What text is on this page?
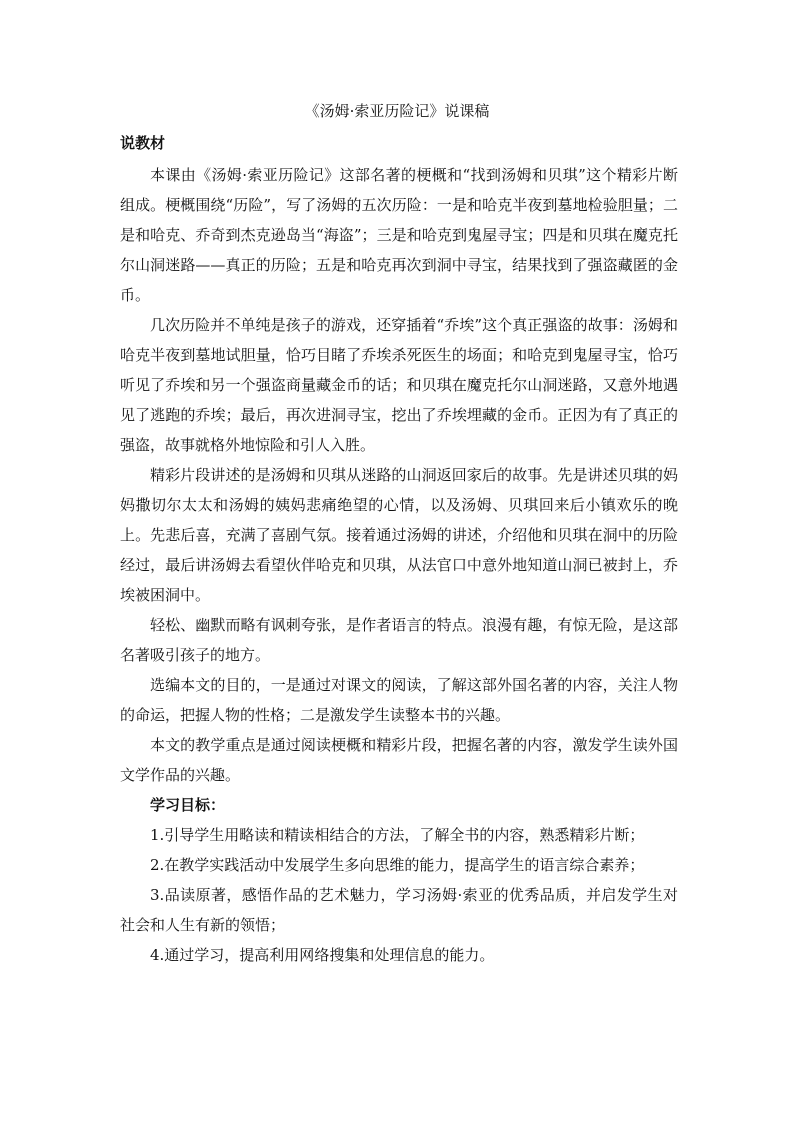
《汤姆·索亚历险记》说课稿
说教材

本课由《汤姆·索亚历险记》这部名著的梗概和“找到汤姆和贝琪”这个精彩片断组成。梗概围绕“历险”，写了汤姆的五次历险：一是和哈克半夜到墓地检验胆量；二是和哈克、乔奇到杰克逊岛当“海盗”；三是和哈克到鬼屋寻宝；四是和贝琪在魔克托尔山洞迷路——真正的历险；五是和哈克再次到洞中寻宝，结果找到了强盗藏匿的金币。

几次历险并不单纯是孩子的游戏，还穿插着“乔埃”这个真正强盗的故事：汤姆和哈克半夜到墓地试胆量，恰巧目睹了乔埃杀死医生的场面；和哈克到鬼屋寻宝，恰巧听见了乔埃和另一个强盗商量藏金币的话；和贝琪在魔克托尔山洞迷路，又意外地遇见了逃跑的乔埃；最后，再次进洞寻宝，挖出了乔埃埋藏的金币。正因为有了真正的强盗，故事就格外地惊险和引人入胜。

精彩片段讲述的是汤姆和贝琪从迷路的山洞返回家后的故事。先是讲述贝琪的妈妈撒切尔太太和汤姆的姨妈悲痛绝望的心情，以及汤姆、贝琪回来后小镇欢乐的晚上。先悲后喜，充满了喜剧气氛。接着通过汤姆的讲述，介绍他和贝琪在洞中的历险经过，最后讲汤姆去看望伙伴哈克和贝琪，从法官口中意外地知道山洞已被封上，乔埃被困洞中。

轻松、幽默而略有讽刺夸张，是作者语言的特点。浪漫有趣，有惊无险，是这部名著吸引孩子的地方。

选编本文的目的，一是通过对课文的阅读，了解这部外国名著的内容，关注人物的命运，把握人物的性格；二是激发学生读整本书的兴趣。

本文的教学重点是通过阅读梗概和精彩片段，把握名著的内容，激发学生读外国文学作品的兴趣。

学习目标：

1.引导学生用略读和精读相结合的方法，了解全书的内容，熟悉精彩片断；

2.在教学实践活动中发展学生多向思维的能力，提高学生的语言综合素养；

3.品读原著，感悟作品的艺术魅力，学习汤姆·索亚的优秀品质，并启发学生对社会和人生有新的领悟；

4.通过学习，提高利用网络搜集和处理信息的能力。
